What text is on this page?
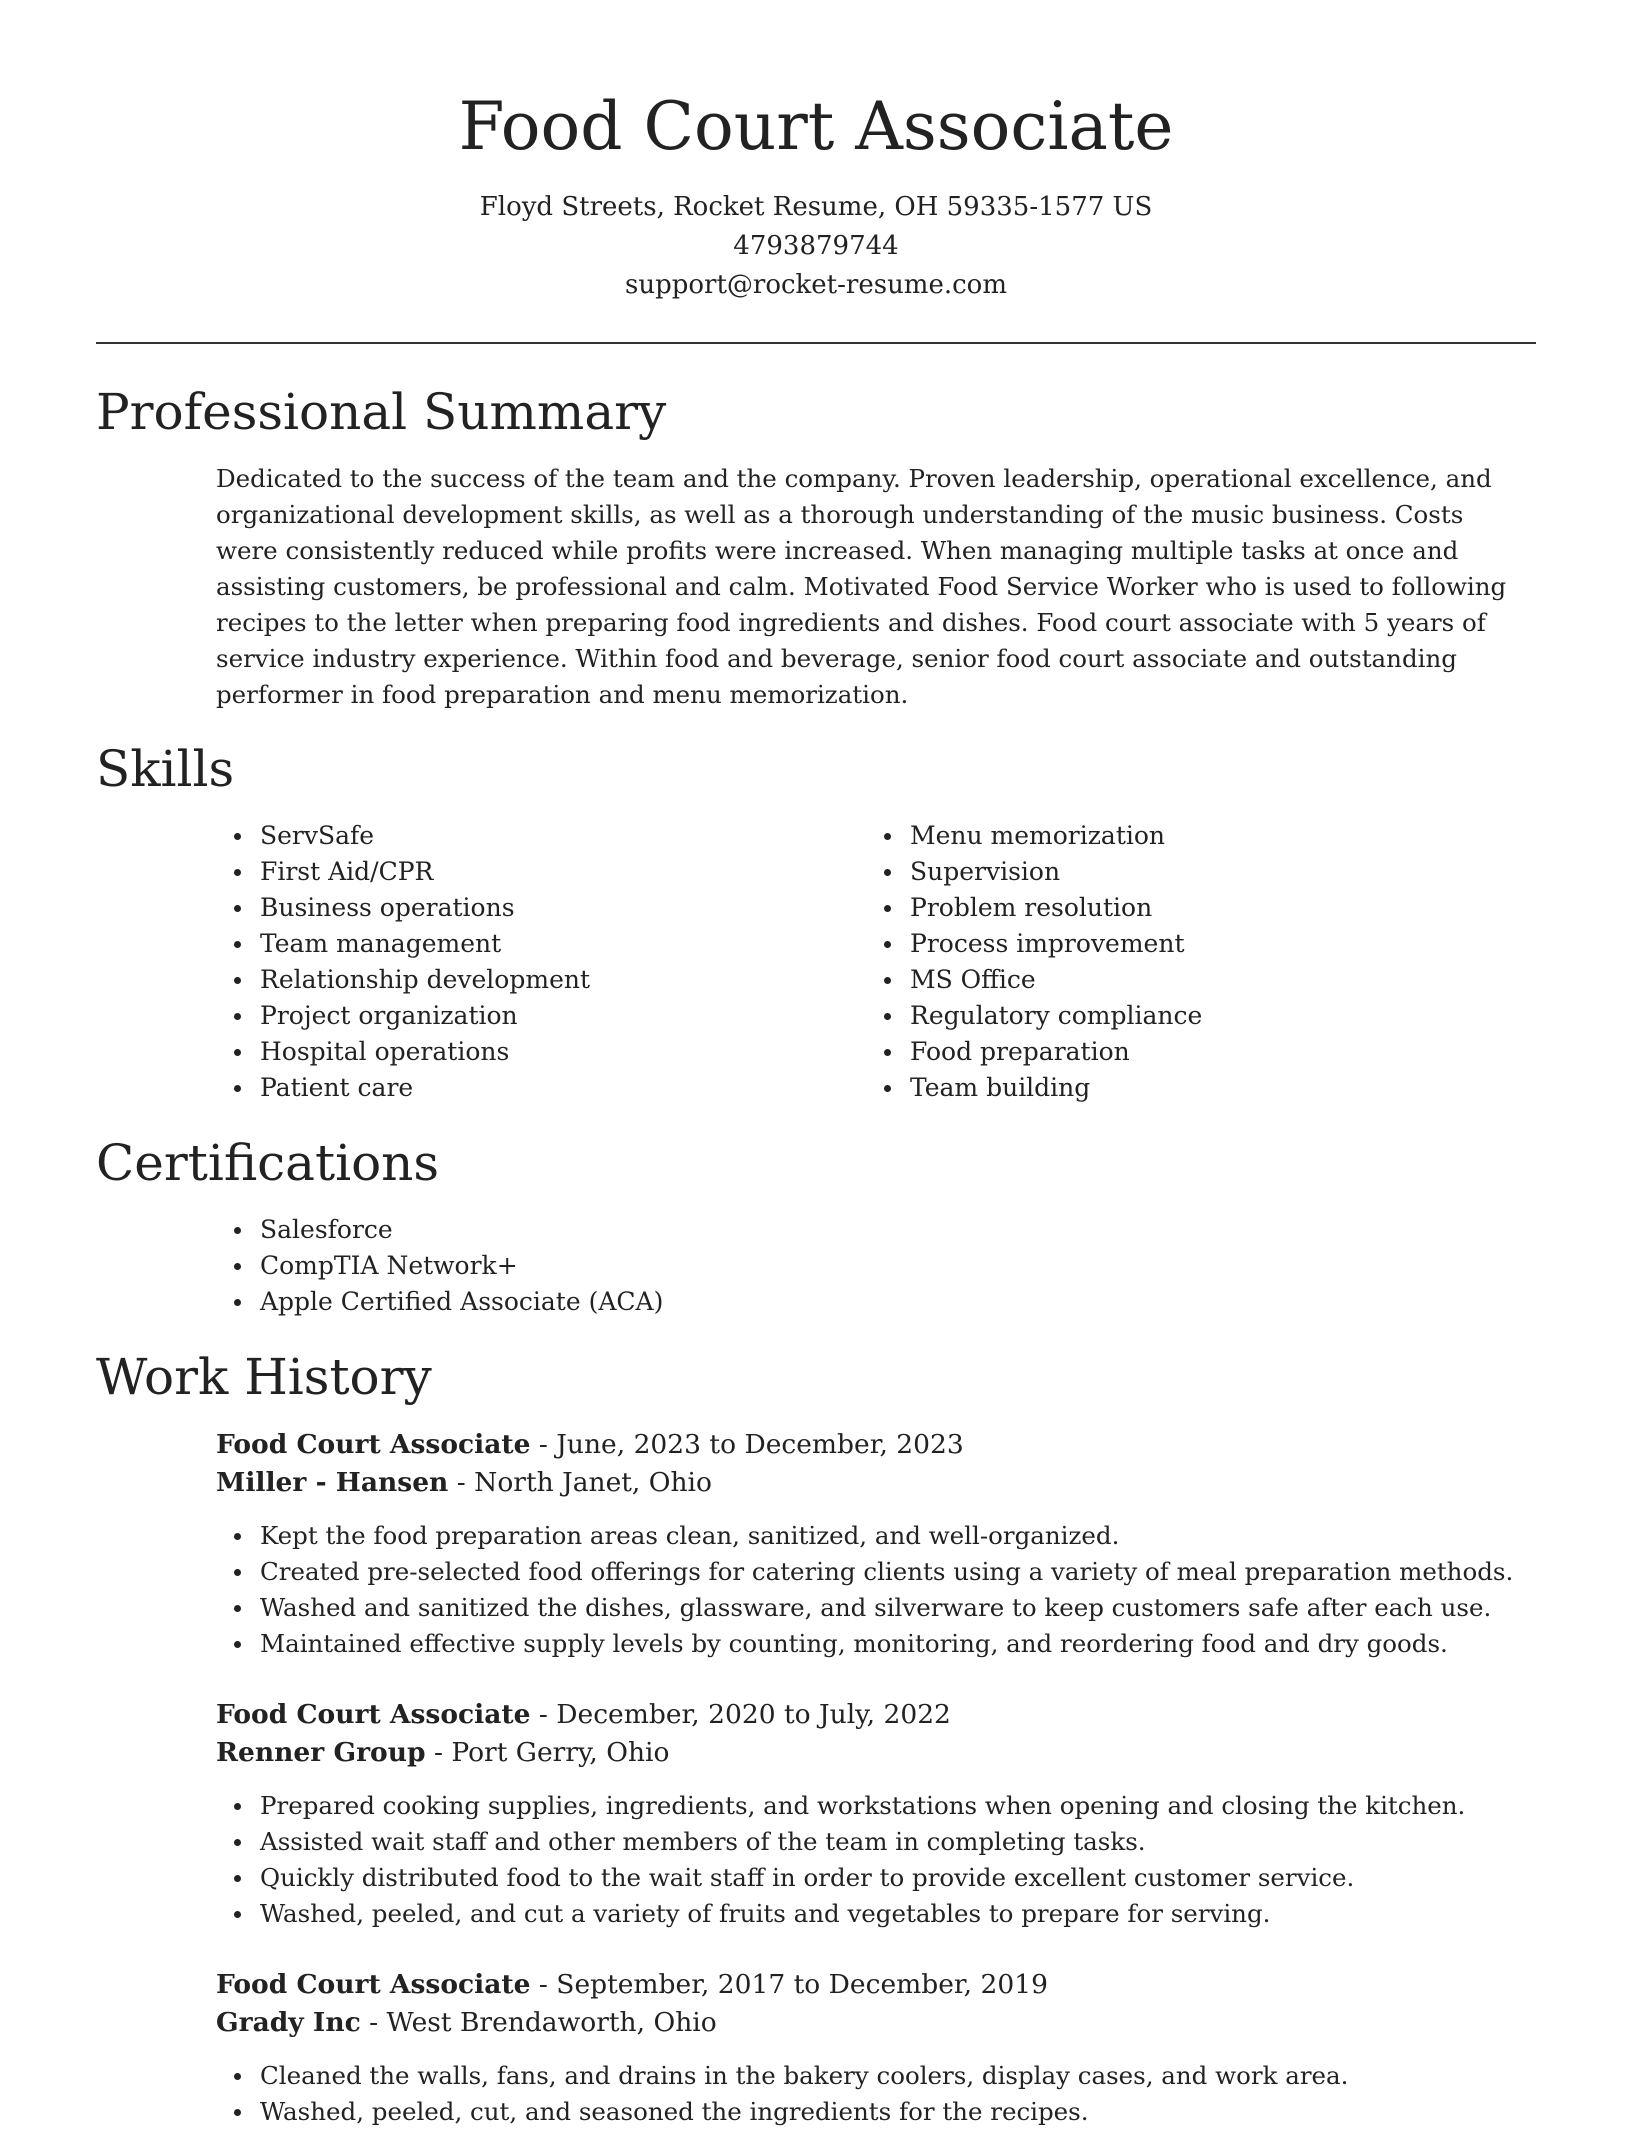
Food Court Associate
Floyd Streets, Rocket Resume, OH 59335-1577 US
4793879744
support@rocket-resume.com
Professional Summary

Dedicated to the success of the team and the company. Proven leadership, operational excellence, and organizational development skills, as well as a thorough understanding of the music business. Costs were consistently reduced while profits were increased. When managing multiple tasks at once and assisting customers, be professional and calm. Motivated Food Service Worker who is used to following recipes to the letter when preparing food ingredients and dishes. Food court associate with 5 years of service industry experience. Within food and beverage, senior food court associate and outstanding performer in food preparation and menu memorization.

Skills
ServSafe
First Aid/CPR
Business operations
Team management
Relationship development
Project organization
Hospital operations
Patient care
Menu memorization
Supervision
Problem resolution
Process improvement
MS Office
Regulatory compliance
Food preparation
Team building
Certifications
Salesforce
CompTIA Network+
Apple Certified Associate (ACA)
Work History

Food Court Associate - June, 2023 to December, 2023

Miller - Hansen - North Janet, Ohio

Kept the food preparation areas clean, sanitized, and well-organized.
Created pre-selected food offerings for catering clients using a variety of meal preparation methods.
Washed and sanitized the dishes, glassware, and silverware to keep customers safe after each use.
Maintained effective supply levels by counting, monitoring, and reordering food and dry goods.

Food Court Associate - December, 2020 to July, 2022

Renner Group - Port Gerry, Ohio

Prepared cooking supplies, ingredients, and workstations when opening and closing the kitchen.
Assisted wait staff and other members of the team in completing tasks.
Quickly distributed food to the wait staff in order to provide excellent customer service.
Washed, peeled, and cut a variety of fruits and vegetables to prepare for serving.

Food Court Associate - September, 2017 to December, 2019

Grady Inc - West Brendaworth, Ohio

Cleaned the walls, fans, and drains in the bakery coolers, display cases, and work area.
Washed, peeled, cut, and seasoned the ingredients for the recipes.
